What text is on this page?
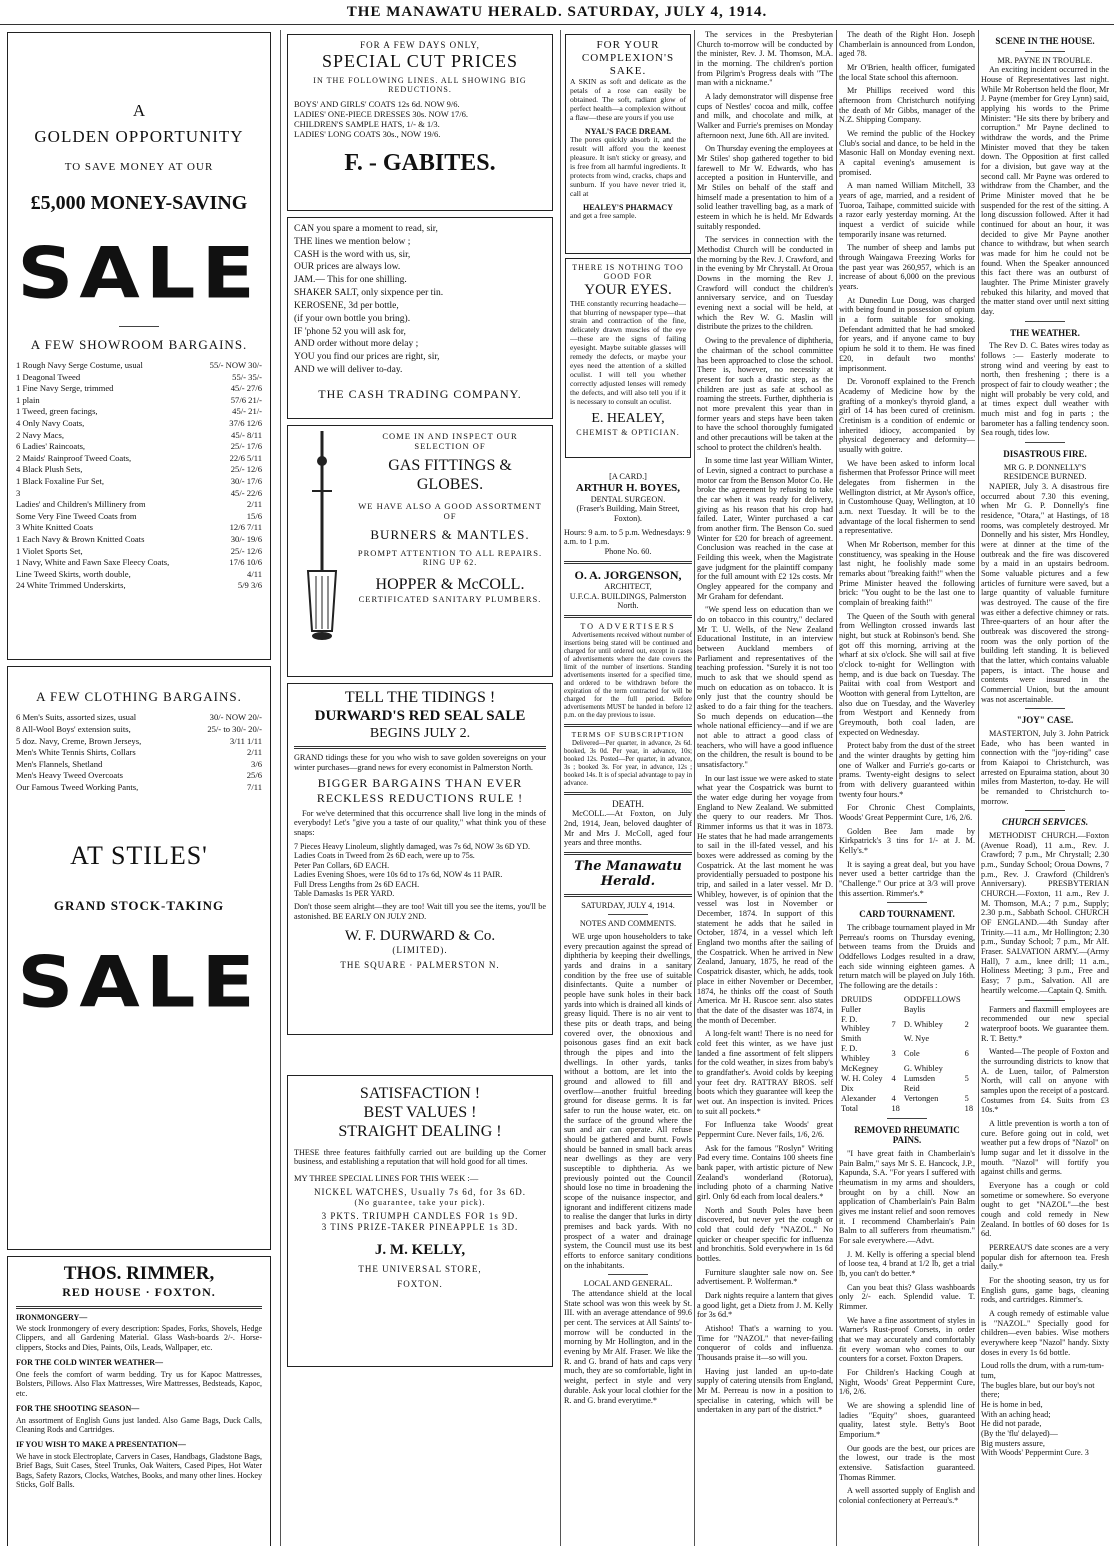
THE MANAWATU HERALD. SATURDAY, JULY 4, 1914.
A
GOLDEN OPPORTUNITY
TO SAVE MONEY AT OUR
£5,000 MONEY-SAVING
SALE
A FEW SHOWROOM BARGAINS.
1 Rough Navy Serge Costume, usual	55/- NOW 30/-
1 Deagonal Tweed	55/- 35/-
1 Fine Navy Serge, trimmed	45/- 27/6
1 plain	57/6 21/-
1 Tweed, green facings,	45/- 21/-
4 Only Navy Coats,	37/6 12/6
2 Navy Macs,	45/- 8/11
6 Ladies' Raincoats,	25/- 17/6
2 Maids' Rainproof Tweed Coats,	22/6 5/11
4 Black Plush Sets,	25/- 12/6
1 Black Foxaline Fur Set,	30/- 17/6
3	45/- 22/6
Ladies' and Children's Millinery from	2/11
Some Very Fine Tweed Coats from	15/6
3 White Knitted Coats	12/6 7/11
1 Each Navy & Brown Knitted Coats	30/- 19/6
1 Violet Sports Set,	25/- 12/6
1 Navy, White and Fawn Saxe Fleecy Coats,	17/6 10/6
Line Tweed Skirts, worth double,	4/11
24 White Trimmed Underskirts,	5/9 3/6
A FEW CLOTHING BARGAINS.
6 Men's Suits, assorted sizes, usual	30/- NOW 20/-
8 All-Wool Boys' extension suits,	25/- to 30/- 20/-
5 doz. Navy, Creme, Brown Jerseys,	3/11 1/11
Men's White Tennis Shirts, Collars	2/11
Men's Flannels, Shetland	3/6
Men's Heavy Tweed Overcoats	25/6
Our Famous Tweed Working Pants,	7/11
AT STILES'
GRAND STOCK-TAKING
SALE
THOS. RIMMER,
RED HOUSE · FOXTON.
IRONMONGERY—

We stock Ironmongery of every description: Spades, Forks, Shovels, Hedge Clippers, and all Gardening Material. Glass Wash-boards 2/-. Horse-clippers, Stocks and Dies, Paints, Oils, Leads, Wallpaper, etc.

FOR THE COLD WINTER WEATHER—

One feels the comfort of warm bedding. Try us for Kapoc Mattresses, Bolsters, Pillows. Also Flax Mattresses, Wire Mattresses, Bedsteads, Kapoc, etc.

FOR THE SHOOTING SEASON—

An assortment of English Guns just landed. Also Game Bags, Duck Calls, Cleaning Rods and Cartridges.

IF YOU WISH TO MAKE A PRESENTATION—

We have in stock Electroplate, Carvers in Cases, Handbags, Gladstone Bags, Brief Bags, Suit Cases, Steel Trunks, Oak Waiters, Cased Pipes, Hot Water Bags, Safety Razors, Clocks, Watches, Books, and many other lines. Hockey Sticks, Golf Balls.

FOR A FEW DAYS ONLY,
SPECIAL CUT PRICES
IN THE FOLLOWING LINES. ALL SHOWING BIG REDUCTIONS.
BOYS' AND GIRLS' COATS 12s 6d. NOW 9/6.
LADIES' ONE-PIECE DRESSES 30s. NOW 17/6.
CHILDREN'S SAMPLE HATS, 1/- & 1/3.
LADIES' LONG COATS 30s., NOW 19/6.
F. - GABITES.
CAN you spare a moment to read, sir,
THE lines we mention below ;
CASH is the word with us, sir,
OUR prices are always low.
JAM.— This for one shilling.
SHAKER SALT, only sixpence per tin.
KEROSENE, 3d per bottle,
(if your own bottle you bring).
IF 'phone 52 you will ask for,
AND order without more delay ;
YOU you find our prices are right, sir,
AND we will deliver to-day.
THE CASH TRADING COMPANY.
COME IN AND INSPECT OUR SELECTION OF
GAS FITTINGS & GLOBES.
WE HAVE ALSO A GOOD ASSORTMENT OF
BURNERS & MANTLES.
PROMPT ATTENTION TO ALL REPAIRS.
RING UP 62.
HOPPER & McCOLL.
CERTIFICATED SANITARY PLUMBERS.
TELL THE TIDINGS !
DURWARD'S RED SEAL SALE
BEGINS JULY 2.

GRAND tidings these for you who wish to save golden sovereigns on your winter purchases—grand news for every economist in Palmerston North.

BIGGER BARGAINS THAN EVER
RECKLESS REDUCTIONS RULE !

For we've determined that this occurrence shall live long in the minds of everybody! Let's "give you a taste of our quality," what think you of these snaps:

7 Pieces Heavy Linoleum, slightly damaged, was 7s 6d, NOW 3s 6D YD.
Ladies Coats in Tweed from 2s 6D each, were up to 75s.
Peter Pan Collars, 6D EACH.
Ladies Evening Shoes, were 10s 6d to 17s 6d, NOW 4s 11 PAIR.
Full Dress Lengths from 2s 6D EACH.
Table Damasks 1s PER YARD.

Don't those seem alright—they are too! Wait till you see the items, you'll be astonished. BE EARLY ON JULY 2ND.

W. F. DURWARD & Co.
(LIMITED).
THE SQUARE · PALMERSTON N.
SATISFACTION !
BEST VALUES !
STRAIGHT DEALING !

THESE three features faithfully carried out are building up the Corner business, and establishing a reputation that will hold good for all times.

MY THREE SPECIAL LINES FOR THIS WEEK :—
NICKEL WATCHES, Usually 7s 6d, for 3s 6D.
(No guarantee, take your pick).
3 PKTS. TRIUMPH CANDLES FOR 1s 9D.
3 TINS PRIZE-TAKER PINEAPPLE 1s 3D.
J. M. KELLY,
THE UNIVERSAL STORE,
FOXTON.
FOR YOUR COMPLEXION'S SAKE.

A SKIN as soft and delicate as the petals of a rose can easily be obtained. The soft, radiant glow of perfect health—a complexion without a flaw—these are yours if you use

NYAL'S FACE DREAM.

The pores quickly absorb it, and the result will afford you the keenest pleasure. It isn't sticky or greasy, and is free from all harmful ingredients. It protects from wind, cracks, chaps and sunburn. If you have never tried it, call at

HEALEY'S PHARMACY
and get a free sample.
THERE IS NOTHING TOO GOOD FOR
YOUR EYES.

THE constantly recurring headache—that blurring of newspaper type—that strain and contraction of the fine, delicately drawn muscles of the eye—these are the signs of failing eyesight. Maybe suitable glasses will remedy the defects, or maybe your eyes need the attention of a skilled oculist. I will tell you whether correctly adjusted lenses will remedy the defects, and will also tell you if it is necessary to consult an oculist.

E. HEALEY,
CHEMIST & OPTICIAN.
[A CARD.]
ARTHUR H. BOYES,
DENTAL SURGEON.
(Fraser's Building, Main Street, Foxton).
Hours: 9 a.m. to 5 p.m. Wednesdays: 9 a.m. to 1 p.m.
Phone No. 60.
O. A. JORGENSON,
ARCHITECT,
U.F.C.A. BUILDINGS, Palmerston North.
TO ADVERTISERS

Advertisements received without number of insertions being stated will be continued and charged for until ordered out, except in cases of advertisements where the date covers the limit of the number of insertions. Standing advertisements inserted for a specified time, and ordered to be withdrawn before the expiration of the term contracted for will be charged for the full period. Before advertisements MUST be handed in before 12 p.m. on the day previous to issue.

TERMS OF SUBSCRIPTION

Delivered—Per quarter, in advance, 2s 6d. booked, 3s 0d. Per year, in advance, 10s; booked 12s. Posted—Per quarter, in advance, 3s ; booked 3s. For year, in advance, 12s ; booked 14s. It is of special advantage to pay in advance.

DEATH.

McCOLL.—At Foxton, on July 2nd, 1914, Jean, beloved daughter of Mr and Mrs J. McColl, aged four years and three months.

The Manawatu Herald.
SATURDAY, JULY 4, 1914.
NOTES AND COMMENTS.

WE urge upon householders to take every precaution against the spread of diphtheria by keeping their dwellings, yards and drains in a sanitary condition by the free use of suitable disinfectants. Quite a number of people have sunk holes in their back yards into which is drained all kinds of greasy liquid. There is no air vent to these pits or death traps, and being covered over, the obnoxious and poisonous gases find an exit back through the pipes and into the dwellings. In other yards, tanks without a bottom, are let into the ground and allowed to fill and overflow—another fruitful breeding ground for disease germs. It is far safer to run the house water, etc. on the surface of the ground where the sun and air can operate. All refuse should be gathered and burnt. Fowls should be banned in small back areas near dwellings as they are very susceptible to diphtheria. As we previously pointed out the Council should lose no time in broadening the scope of the nuisance inspector, and ignorant and indifferent citizens made to realise the danger that lurks in dirty premises and back yards. With no prospect of a water and drainage system, the Council must use its best efforts to enforce sanitary conditions on the inhabitants.

LOCAL AND GENERAL.

The attendance shield at the local State school was won this week by St. III. with an average attendance of 99.6 per cent. The services at All Saints' to-morrow will be conducted in the morning by Mr Hollington, and in the evening by Mr Alf. Fraser. We like the R. and G. brand of hats and caps very much, they are so comfortable, light in weight, perfect in style and very durable. Ask your local clothier for the R. and G. brand everytime.*

The services in the Presbyterian Church to-morrow will be conducted by the minister, Rev. J. M. Thomson, M.A. in the morning. The children's portion from Pilgrim's Progress deals with "The man with a nickname."

A lady demonstrator will dispense free cups of Nestles' cocoa and milk, coffee and milk, and chocolate and milk, at Walker and Furrie's premises on Monday afternoon next, June 6th. All are invited.

On Thursday evening the employees at Mr Stiles' shop gathered together to bid farewell to Mr W. Edwards, who has accepted a position in Hunterville, and Mr Stiles on behalf of the staff and himself made a presentation to him of a solid leather travelling bag, as a mark of esteem in which he is held. Mr Edwards suitably responded.

The services in connection with the Methodist Church will be conducted in the morning by the Rev. J. Crawford, and in the evening by Mr Chrystall. At Oroua Downs in the morning the Rev J. Crawford will conduct the children's anniversary service, and on Tuesday evening next a social will be held, at which the Rev W. G. Maslin will distribute the prizes to the children.

Owing to the prevalence of diphtheria, the chairman of the school committee has been approached to close the school. There is, however, no necessity at present for such a drastic step, as the children are just as safe at school as roaming the streets. Further, diphtheria is not more prevalent this year than in former years and steps have been taken to have the school thoroughly fumigated and other precautions will be taken at the school to protect the children's health.

In some time last year William Winter, of Levin, signed a contract to purchase a motor car from the Benson Motor Co. He broke the agreement by refusing to take the car when it was ready for delivery, giving as his reason that his crop had failed. Later, Winter purchased a car from another firm. The Benson Co. sued Winter for £20 for breach of agreement. Conclusion was reached in the case at Feilding this week, when the Magistrate gave judgment for the plaintiff company for the full amount with £2 12s costs. Mr Ongley appeared for the company and Mr Graham for defendant.

"We spend less on education than we do on tobacco in this country," declared Mr T. U. Wells, of the New Zealand Educational Institute, in an interview between Auckland members of Parliament and representatives of the teaching profession. "Surely it is not too much to ask that we should spend as much on education as on tobacco. It is only just that the country should be asked to do a fair thing for the teachers. So much depends on education—the whole national efficiency—and if we are not able to attract a good class of teachers, who will have a good influence on the children, the result is bound to be unsatisfactory."

In our last issue we were asked to state what year the Cospatrick was burnt to the water edge during her voyage from England to New Zealand. We submitted the query to our readers. Mr Thos. Rimmer informs us that it was in 1873. He states that he had made arrangements to sail in the ill-fated vessel, and his boxes were addressed as coming by the Cospatrick. At the last moment he was providentially persuaded to postpone his trip, and sailed in a later vessel. Mr D. Whibley, however, is of opinion that the vessel was lost in November or December, 1874. In support of this statement he adds that he sailed in October, 1874, in a vessel which left England two months after the sailing of the Cospatrick. When he arrived in New Zealand, January, 1875, he read of the Cospatrick disaster, which, he adds, took place in either November or December, 1874, he thinks off the coast of South America. Mr H. Ruscoe senr. also states that the date of the disaster was 1874, in the month of December.

A long-felt want! There is no need for cold feet this winter, as we have just landed a fine assortment of felt slippers for the cold weather, in sizes from baby's to grandfather's. Avoid colds by keeping your feet dry. RATTRAY BROS. self boots which they guarantee will keep the wet out. An inspection is invited. Prices to suit all pockets.*

For Influenza take Woods' great Peppermint Cure. Never fails, 1/6, 2/6.

Ask for the famous "Roslyn" Writing Pad every time. Contains 100 sheets fine bank paper, with artistic picture of New Zealand's wonderland (Rotorua), including photo of a charming Native girl. Only 6d each from local dealers.*

North and South Poles have been discovered, but never yet the cough or cold that could defy "NAZOL." No quicker or cheaper specific for influenza and bronchitis. Sold everywhere in 1s 6d bottles.

Furniture slaughter sale now on. See advertisement. P. Wolferman.*

Dark nights require a lantern that gives a good light, get a Dietz from J. M. Kelly for 3s 6d.*

Atishoo! That's a warning to you. Time for "NAZOL" that never-failing conqueror of colds and influenza. Thousands praise it—so will you.

Having just landed an up-to-date supply of catering utensils from England, Mr M. Perreau is now in a position to specialise in catering, which will be undertaken in any part of the district.*

The death of the Right Hon. Joseph Chamberlain is announced from London, aged 78.

Mr O'Brien, health officer, fumigated the local State school this afternoon.

Mr Phillips received word this afternoon from Christchurch notifying the death of Mr Gibbs, manager of the N.Z. Shipping Company.

We remind the public of the Hockey Club's social and dance, to be held in the Masonic Hall on Monday evening next. A capital evening's amusement is promised.

A man named William Mitchell, 33 years of age, married, and a resident of Tuoroa, Taihape, committed suicide with a razor early yesterday morning. At the inquest a verdict of suicide while temporarily insane was returned.

The number of sheep and lambs put through Waingawa Freezing Works for the past year was 260,957, which is an increase of about 6,000 on the previous years.

At Dunedin Lue Doug, was charged with being found in possession of opium in a form suitable for smoking. Defendant admitted that he had smoked for years, and if anyone came to buy opium he sold it to them. He was fined £20, in default two months' imprisonment.

Dr. Voronoff explained to the French Academy of Medicine how by the grafting of a monkey's thyroid gland, a girl of 14 has been cured of cretinism. Cretinism is a condition of endemic or inherited idiocy, accompanied by physical degeneracy and deformity—usually with goitre.

We have been asked to inform local fishermen that Professor Prince will meet delegates from fishermen in the Wellington district, at Mr Ayson's office, in Customhouse Quay, Wellington, at 10 a.m. next Tuesday. It will be to the advantage of the local fishermen to send a representative.

When Mr Robertson, member for this constituency, was speaking in the House last night, he foolishly made some remarks about "breaking faith!" when the Prime Minister heaved the following brick: "You ought to be the last one to complain of breaking faith!"

The Queen of the South with general from Wellington crossed inwards last night, but stuck at Robinson's bend. She got off this morning, arriving at the wharf at six o'clock. She will sail at five o'clock to-night for Wellington with hemp, and is due back on Tuesday. The Paiitai with coal from Westport and Wootton with general from Lyttelton, are also due on Tuesday, and the Waverley from Westport and Kennedy from Greymouth, both coal laden, are expected on Wednesday.

Protect baby from the dust of the street and the winter draughts by getting him one of Walker and Furrie's go-carts or prams. Twenty-eight designs to select from with delivery guaranteed within twenty four hours.*

For Chronic Chest Complaints, Woods' Great Peppermint Cure, 1/6, 2/6.

Golden Bee Jam made by Kirkpatrick's 3 tins for 1/- at J. M. Kelly's.*

It is saying a great deal, but you have never used a better cartridge than the "Challenge." Our price at 3/3 will prove this assertion. Rimmer's.*

CARD TOURNAMENT.

The cribbage tournament played in Mr Perreau's rooms on Thursday evening, between teams from the Druids and Oddfellows Lodges resulted in a draw, each side winning eighteen games. A return match will be played on July 16th. The following are the details :

DRUIDS		ODDFELLOWS	
Fuller		Baylis	
F. D. Whibley	7	D. Whibley	2
Smith		W. Nye	
F. D. Whibley	3	Cole	6
McKegney		G. Whibley	
W. H. Coley	4	Lumsden	5
Dix		Reid	
Alexander	4	Vertongen	5
Total	18		18
REMOVED RHEUMATIC PAINS.

"I have great faith in Chamberlain's Pain Balm," says Mr S. E. Hancock, J.P., Kapunda, S.A. "For years I suffered with rheumatism in my arms and shoulders, brought on by a chill. Now an application of Chamberlain's Pain Balm gives me instant relief and soon removes it. I recommend Chamberlain's Pain Balm to all sufferers from rheumatism." For sale everywhere.—Advt.

J. M. Kelly is offering a special blend of loose tea, 4 brand at 1/2 lb, get a trial lb, you can't do better.*

Can you beat this? Glass washboards only 2/- each. Splendid value. T. Rimmer.

We have a fine assortment of styles in Warner's Rust-proof Corsets, in order that we may accurately and comfortably fit every woman who comes to our counters for a corset. Foxton Drapers.

For Children's Hacking Cough at Night, Woods' Great Peppermint Cure, 1/6, 2/6.

We are showing a splendid line of ladies "Equity" shoes, guaranteed quality, latest style. Betty's Boot Emporium.*

Our goods are the best, our prices are the lowest, our trade is the most extensive. Satisfaction guaranteed. Thomas Rimmer.

A well assorted supply of English and colonial confectionery at Perreau's.*

SCENE IN THE HOUSE.
MR. PAYNE IN TROUBLE.

An exciting incident occurred in the House of Representatives last night. While Mr Robertson held the floor, Mr J. Payne (member for Grey Lynn) said, applying his words to the Prime Minister: "He sits there by bribery and corruption." Mr Payne declined to withdraw the words, and the Prime Minister moved that they be taken down. The Opposition at first called for a division, but gave way at the second call. Mr Payne was ordered to withdraw from the Chamber, and the Prime Minister moved that he be suspended for the rest of the sitting. A long discussion followed. After it had continued for about an hour, it was decided to give Mr Payne another chance to withdraw, but when search was made for him he could not be found. When the Speaker announced this fact there was an outburst of laughter. The Prime Minister gravely rebuked this hilarity, and moved that the matter stand over until next sitting day.

THE WEATHER.

The Rev D. C. Bates wires today as follows :— Easterly moderate to strong wind and veering by east to north, then freshening ; there is a prospect of fair to cloudy weather ; the night will probably be very cold, and at times expect dull weather with much mist and fog in parts ; the barometer has a falling tendency soon. Sea rough, tides low.

DISASTROUS FIRE.
MR G. P. DONNELLY'S RESIDENCE BURNED.

NAPIER, July 3. A disastrous fire occurred about 7.30 this evening, when Mr G. P. Donnelly's fine residence, "Otara," at Hastings, of 18 rooms, was completely destroyed. Mr Donnelly and his sister, Mrs Hondley, were at dinner at the time of the outbreak and the fire was discovered by a maid in an upstairs bedroom. Some valuable pictures and a few articles of furniture were saved, but a large quantity of valuable furniture was destroyed. The cause of the fire was either a defective chimney or rats. Three-quarters of an hour after the outbreak was discovered the strong-room was the only portion of the building left standing. It is believed that the latter, which contains valuable papers, is intact. The house and contents were insured in the Commercial Union, but the amount was not ascertainable.

"JOY" CASE.

MASTERTON, July 3. John Patrick Eade, who has been wanted in connection with the "joy-riding" case from Kaiapoi to Christchurch, was arrested on Epuraima station, about 30 miles from Masterton, to-day. He will be remanded to Christchurch to-morrow.

CHURCH SERVICES.

METHODIST CHURCH.—Foxton (Avenue Road), 11 a.m., Rev. J. Crawford; 7 p.m., Mr Chrystall; 2.30 p.m., Sunday School; Oroua Downs, 7 p.m., Rev. J. Crawford (Children's Anniversary). PRESBYTERIAN CHURCH.—Foxton, 11 a.m., Rev J. M. Thomson, M.A.; 7 p.m., Supply; 2.30 p.m., Sabbath School. CHURCH OF ENGLAND.—4th Sunday after Trinity.—11 a.m., Mr Hollington; 2.30 p.m., Sunday School; 7 p.m., Mr Alf. Fraser. SALVATION ARMY.—(Army Hall), 7 a.m., knee drill; 11 a.m., Holiness Meeting; 3 p.m., Free and Easy; 7 p.m., Salvation. All are heartily welcome.—Captain Q. Smith.

Farmers and flaxmill employees are recommended our new special waterproof boots. We guarantee them. R. T. Betty.*

Wanted—The people of Foxton and the surrounding districts to know that A. de Luen, tailor, of Palmerston North, will call on anyone with samples upon the receipt of a postcard. Costumes from £4. Suits from £3 10s.*

A little prevention is worth a ton of cure. Before going out in cold, wet weather put a few drops of "Nazol" on lump sugar and let it dissolve in the mouth. "Nazol" will fortify you against chills and germs.

Everyone has a cough or cold sometime or somewhere. So everyone ought to get "NAZOL"—the best cough and cold remedy in New Zealand. In bottles of 60 doses for 1s 6d.

PERREAU'S date scones are a very popular dish for afternoon tea. Fresh daily.*

For the shooting season, try us for English guns, game bags, cleaning rods, and cartridges. Rimmer's.

A cough remedy of estimable value is "NAZOL." Specially good for children—even babies. Wise mothers everywhere keep "Nazol" handy. Sixty doses in every 1s 6d bottle.

Loud rolls the drum, with a rum-tum-tum,
The bugles blare, but our boy's not there;
He is home in bed,
With an aching head;
He did not parade,
(By the 'flu' delayed)—
Big musters assure,
With Woods' Peppermint Cure. 3
